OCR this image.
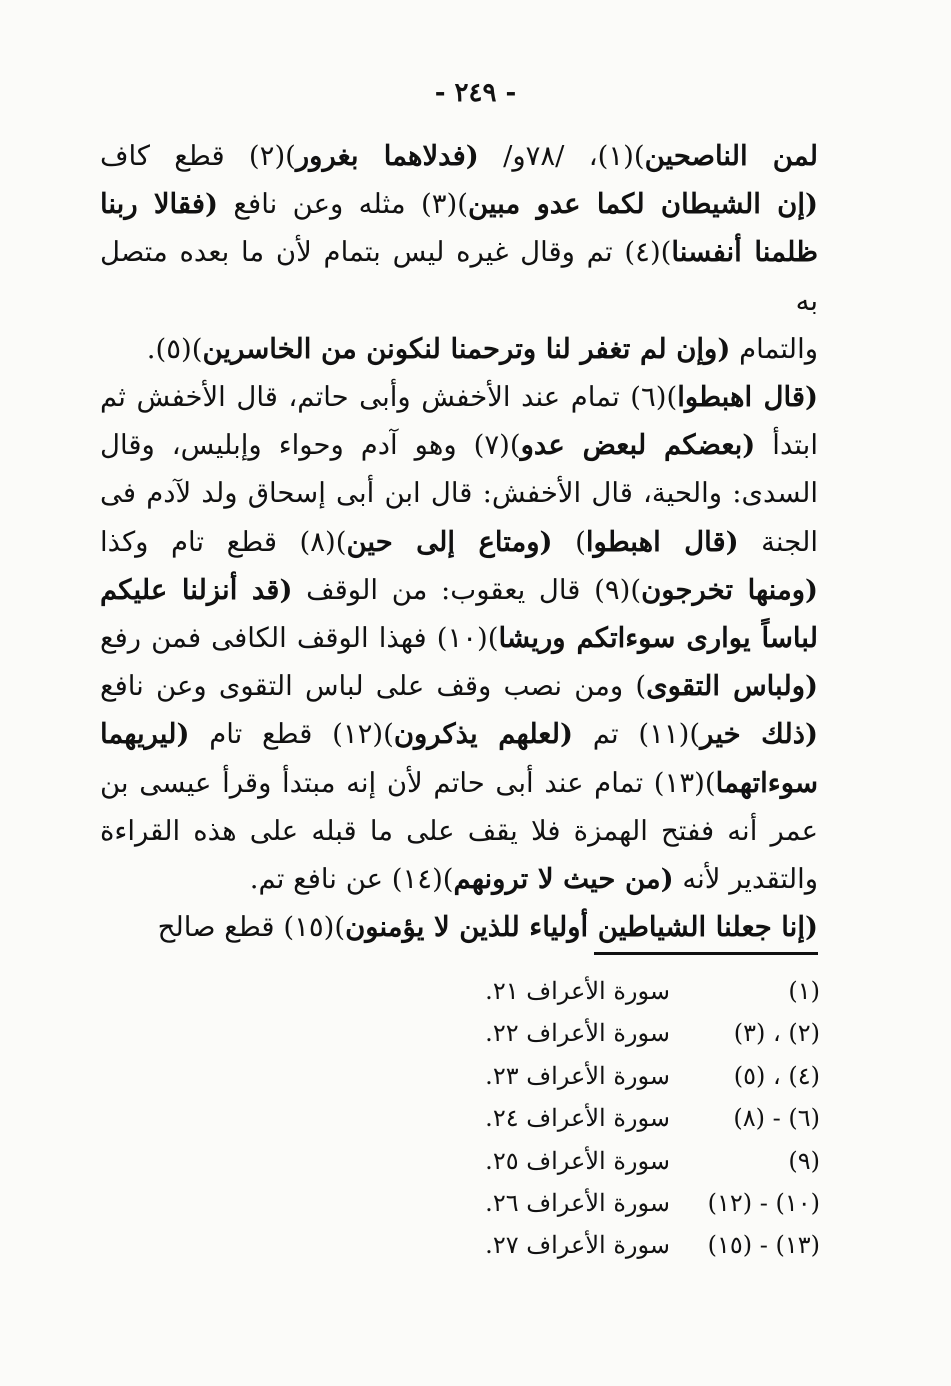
- ٢٤٩ -

لمن الناصحين)(١)، /٧٨و/ (فدلاهما بغرور)(٢) قطع كاف

(إن الشيطان لكما عدو مبين)(٣) مثله وعن نافع (فقالا ربنا

ظلمنا أنفسنا)(٤) تم وقال غيره ليس بتمام لأن ما بعده متصل به

والتمام (وإن لم تغفر لنا وترحمنا لنكونن من الخاسرين)(٥).

(قال اهبطوا)(٦) تمام عند الأخفش وأبى حاتم، قال الأخفش ثم

ابتدأ (بعضكم لبعض عدو)(٧) وهو آدم وحواء وإبليس، وقال

السدى: والحية، قال الأخفش: قال ابن أبى إسحاق ولد لآدم فى

الجنة (قال اهبطوا) (ومتاع إلى حين)(٨) قطع تام وكذا

(ومنها تخرجون)(٩) قال يعقوب: من الوقف (قد أنزلنا عليكم

لباساً يوارى سوءاتكم وريشا)(١٠) فهذا الوقف الكافى فمن رفع

(ولباس التقوى) ومن نصب وقف على لباس التقوى وعن نافع

(ذلك خير)(١١) تم (لعلهم يذكرون)(١٢) قطع تام (ليريهما

سوءاتهما)(١٣) تمام عند أبى حاتم لأن إنه مبتدأ وقرأ عيسى بن

عمر أنه ففتح الهمزة فلا يقف على ما قبله على هذه القراءة

والتقدير لأنه (من حيث لا ترونهم)(١٤) عن نافع تم.

(إنا جعلنا الشياطين أولياء للذين لا يؤمنون)(١٥) قطع صالح

(١)
سورة الأعراف ٢١.
(٢) ، (٣)
سورة الأعراف ٢٢.
(٤) ، (٥)
سورة الأعراف ٢٣.
(٦) - (٨)
سورة الأعراف ٢٤.
(٩)
سورة الأعراف ٢٥.
(١٠) - (١٢)
سورة الأعراف ٢٦.
(١٣) - (١٥)
سورة الأعراف ٢٧.
